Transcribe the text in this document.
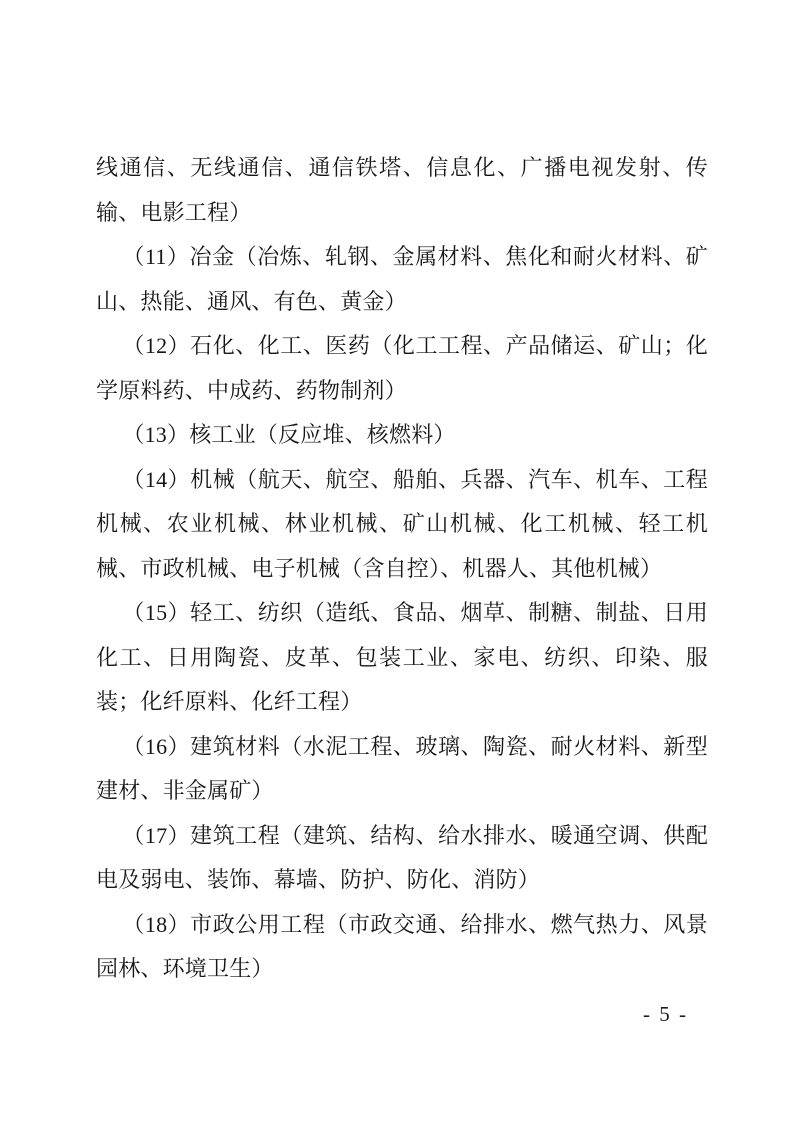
线通信、无线通信、通信铁塔、信息化、广播电视发射、传输、电影工程）

（11）冶金（冶炼、轧钢、金属材料、焦化和耐火材料、矿山、热能、通风、有色、黄金）

（12）石化、化工、医药（化工工程、产品储运、矿山；化学原料药、中成药、药物制剂）

（13）核工业（反应堆、核燃料）

（14）机械（航天、航空、船舶、兵器、汽车、机车、工程机械、农业机械、林业机械、矿山机械、化工机械、轻工机械、市政机械、电子机械（含自控）、机器人、其他机械）

（15）轻工、纺织（造纸、食品、烟草、制糖、制盐、日用化工、日用陶瓷、皮革、包装工业、家电、纺织、印染、服装；化纤原料、化纤工程）

（16）建筑材料（水泥工程、玻璃、陶瓷、耐火材料、新型建材、非金属矿）

（17）建筑工程（建筑、结构、给水排水、暖通空调、供配电及弱电、装饰、幕墙、防护、防化、消防）

（18）市政公用工程（市政交通、给排水、燃气热力、风景园林、环境卫生）

- 5 -
